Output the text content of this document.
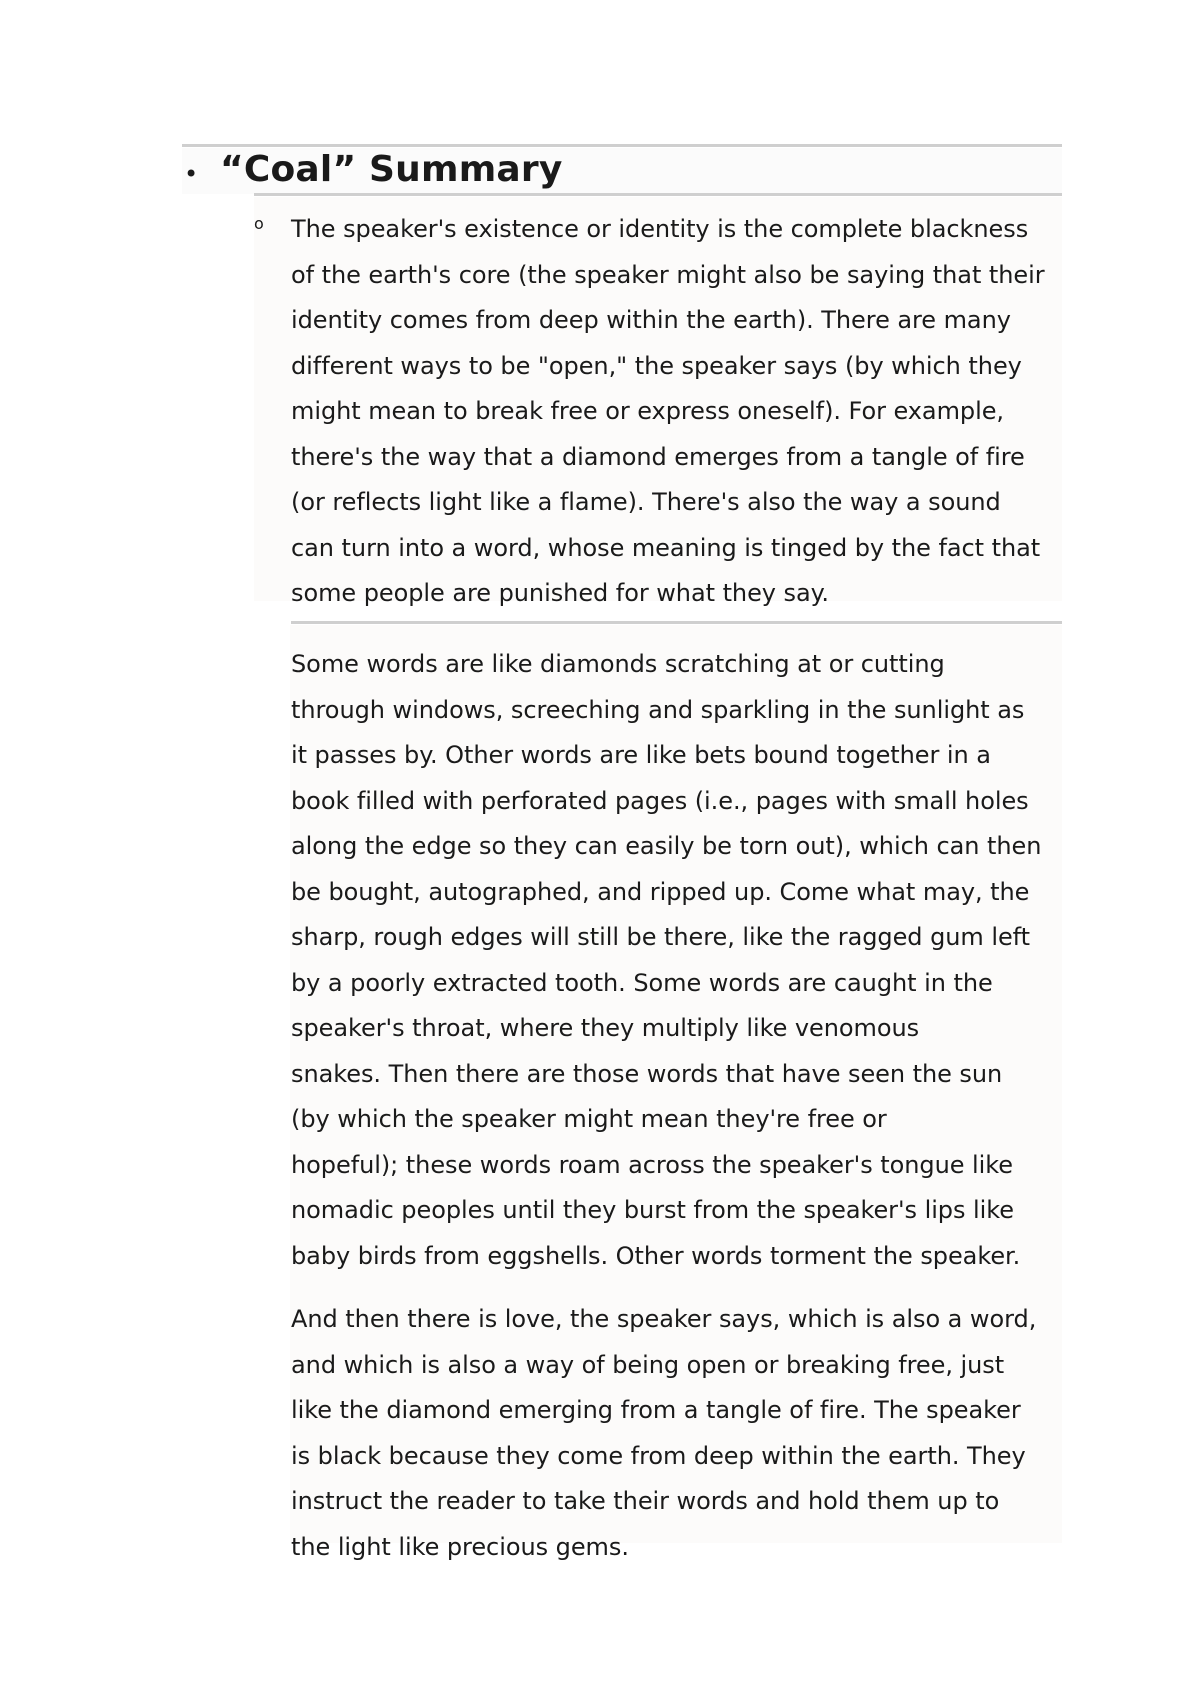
• “Coal” Summary
o The speaker's existence or identity is the complete blackness
of the earth's core (the speaker might also be saying that their
identity comes from deep within the earth). There are many
different ways to be "open," the speaker says (by which they
might mean to break free or express oneself). For example,
there's the way that a diamond emerges from a tangle of fire
(or reflects light like a flame). There's also the way a sound
can turn into a word, whose meaning is tinged by the fact that
some people are punished for what they say.

Some words are like diamonds scratching at or cutting
through windows, screeching and sparkling in the sunlight as
it passes by. Other words are like bets bound together in a
book filled with perforated pages (i.e., pages with small holes
along the edge so they can easily be torn out), which can then
be bought, autographed, and ripped up. Come what may, the
sharp, rough edges will still be there, like the ragged gum left
by a poorly extracted tooth. Some words are caught in the
speaker's throat, where they multiply like venomous
snakes. Then there are those words that have seen the sun
(by which the speaker might mean they're free or
hopeful); these words roam across the speaker's tongue like
nomadic peoples until they burst from the speaker's lips like
baby birds from eggshells. Other words torment the speaker.

And then there is love, the speaker says, which is also a word,
and which is also a way of being open or breaking free, just
like the diamond emerging from a tangle of fire. The speaker
is black because they come from deep within the earth. They
instruct the reader to take their words and hold them up to
the light like precious gems.
